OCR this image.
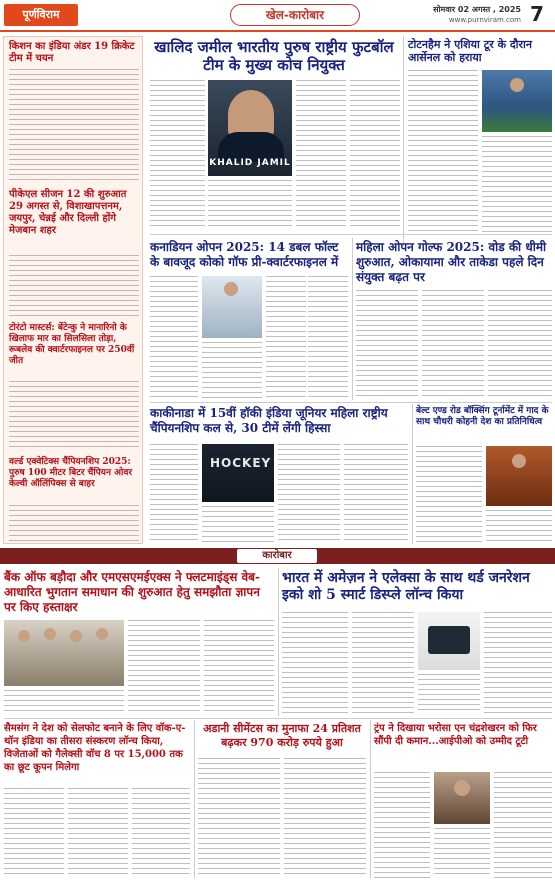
पूर्णविराम	खेल-कारोबार	सोमवार 02 अगस्त , 2025
www.purnviram.com 7
किशन का इंडिया अंडर 19 क्रिकेट टीम में चयन
पीकेएल सीजन 12 की शुरुआत 29 अगस्त से, विशाखापत्तनम, जयपुर, चेन्नई और दिल्ली होंगे मेजबान शहर
टोरंटो मास्टर्स: बेंटेन्कु ने मानारिनो के खिलाफ मार का सिलसिला तोड़ा, रूबलेव की क्वार्टरफाइनल पर 250वीं जीत
वर्ल्ड एक्वेटिक्स चैंपियनशिप 2025: पुरुष 100 मीटर बिटर चैंपियन ओवर केल्वी ऑलिंपिक्स से बाहर
खालिद जमील भारतीय पुरुष राष्ट्रीय फुटबॉल टीम के मुख्य कोच नियुक्त
KHALID JAMIL
टोटनहैम ने एशिया टूर के दौरान आर्सेनल को हराया
कनाडियन ओपन 2025: 14 डबल फॉल्ट के बावजूद कोको गॉफ प्री-क्वार्टरफाइनल में
महिला ओपन गोल्फ 2025: वोड की धीमी शुरुआत, ओकायामा और ताकेडा पहले दिन संयुक्त बढ़त पर
काकीनाडा में 15वीं हॉकी इंडिया जूनियर महिला राष्ट्रीय चैंपियनशिप कल से, 30 टीमें लेंगी हिस्सा
HOCKEY
बेल्ट एण्ड रोड बॉक्सिंग टूर्नामेंट में गाद के साथ चौधरी कोहनी देश का प्रतिनिधित्व
कारोबार
बैंक ऑफ बड़ौदा और एमएसएमईएक्स ने फ्लटमाइंड्स वेब-आधारित भुगतान समाधान की शुरुआत हेतु समझौता ज्ञापन पर किए हस्ताक्षर
भारत में अमेज़न ने एलेक्सा के साथ थर्ड जनरेशन इको शो 5 स्मार्ट डिस्प्ले लॉन्च किया
सैमसंग ने देश को सेलफोट बनाने के लिए वॉक-ए-थॉन इंडिया का तीसरा संस्करण लॉन्च किया, विजेताओं को गैलेक्सी वॉच 8 पर 15,000 तक का छूट कूपन मिलेगा
अडानी सीमेंटस का मुनाफा 24 प्रतिशत बढ़कर 970 करोड़ रुपये हुआ
ट्रंप ने दिखाया भरोसा एन चंद्रशेखरन को फिर सौंपी दी कमान...आईपीओ को उम्मीद टूटी
